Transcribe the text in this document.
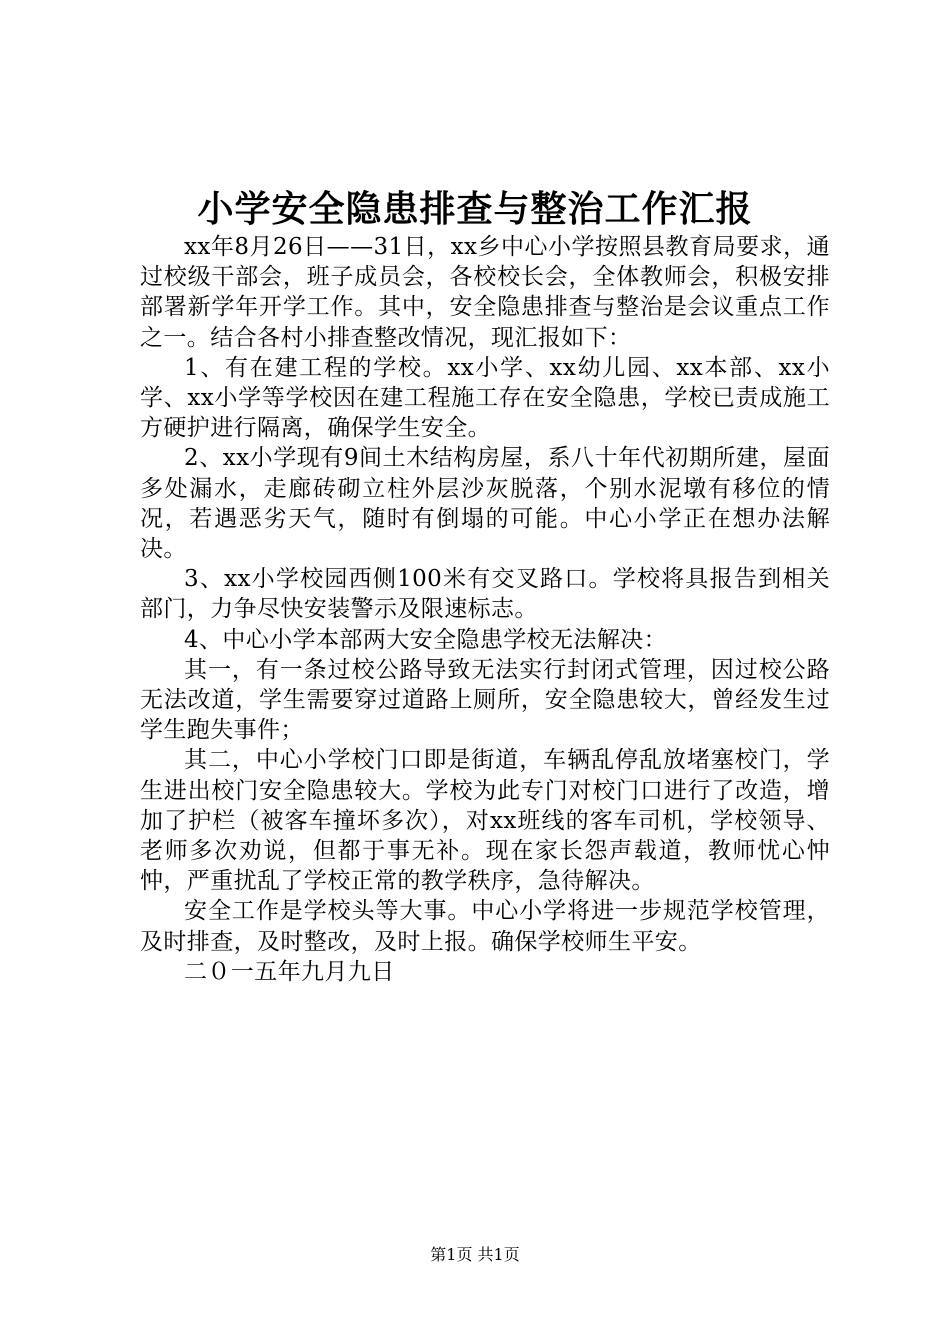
小学安全隐患排查与整治工作汇报

xx年8月26日——31日，xx乡中心小学按照县教育局要求，通过校级干部会，班子成员会，各校校长会，全体教师会，积极安排部署新学年开学工作。其中，安全隐患排查与整治是会议重点工作之一。结合各村小排查整改情况，现汇报如下：

1、有在建工程的学校。xx小学、xx幼儿园、xx本部、xx小学、xx小学等学校因在建工程施工存在安全隐患，学校已责成施工方硬护进行隔离，确保学生安全。

2、xx小学现有9间土木结构房屋，系八十年代初期所建，屋面多处漏水，走廊砖砌立柱外层沙灰脱落，个别水泥墩有移位的情况，若遇恶劣天气，随时有倒塌的可能。中心小学正在想办法解决。

3、xx小学校园西侧100米有交叉路口。学校将具报告到相关部门，力争尽快安装警示及限速标志。

4、中心小学本部两大安全隐患学校无法解决：

其一，有一条过校公路导致无法实行封闭式管理，因过校公路无法改道，学生需要穿过道路上厕所，安全隐患较大，曾经发生过学生跑失事件；

其二，中心小学校门口即是街道，车辆乱停乱放堵塞校门，学生进出校门安全隐患较大。学校为此专门对校门口进行了改造，增加了护栏（被客车撞坏多次），对xx班线的客车司机，学校领导、老师多次劝说，但都于事无补。现在家长怨声载道，教师忧心忡忡，严重扰乱了学校正常的教学秩序，急待解决。

安全工作是学校头等大事。中心小学将进一步规范学校管理，及时排查，及时整改，及时上报。确保学校师生平安。

二０一五年九月九日

第1页 共1页
